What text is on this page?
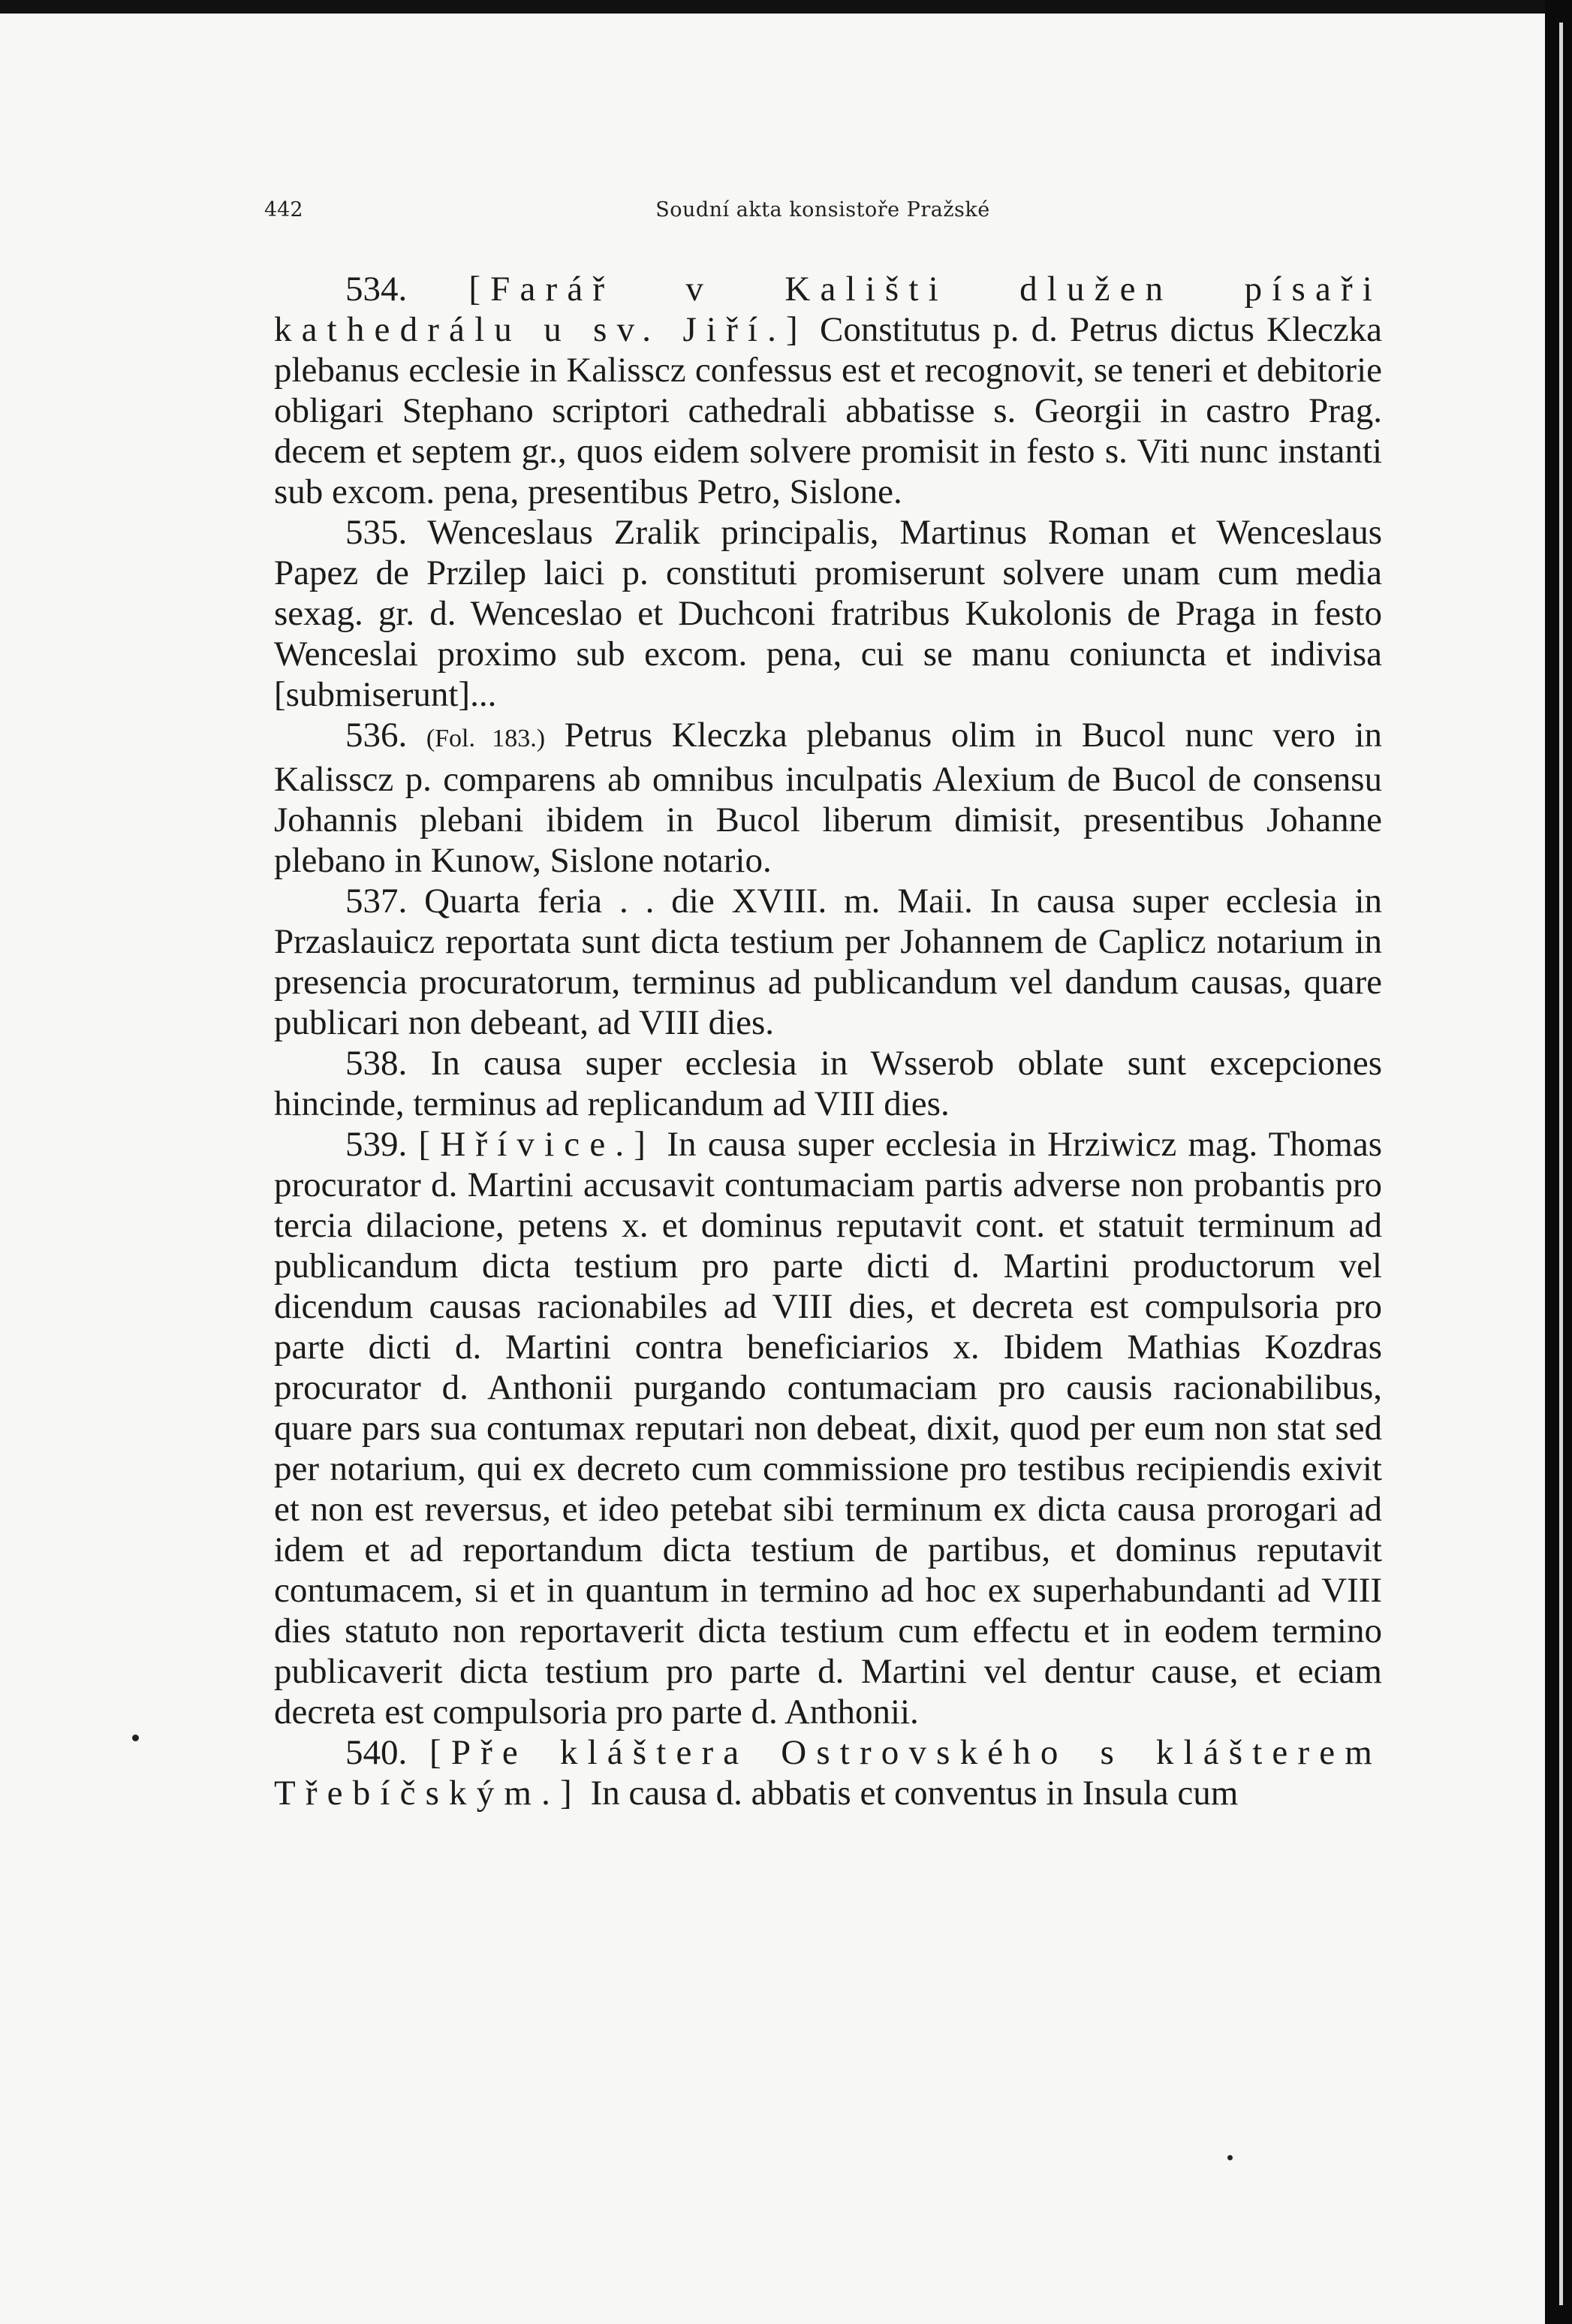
442	Soudní akta konsistoře Pražské

534. [Farář v Kališti dlužen písaři kathedrálu u sv. Jiří.] Constitutus p. d. Petrus dictus Kleczka plebanus ecclesie in Kalissсz confessus est et recognovit, se teneri et debitorie obligari Stephano scriptori cathedrali abbatisse s. Georgii in castro Prag. decem et septem gr., quos eidem solvere promisit in festo s. Viti nunc instanti sub excom. pena, presentibus Petro, Sislone.

535. Wenceslaus Zralik principalis, Martinus Roman et Wenceslaus Papez de Przilep laici p. constituti promiserunt solvere unam cum media sexag. gr. d. Wenceslao et Duchconi fratribus Kukolonis de Praga in festo Wenceslai proximo sub excom. pena, cui se manu coniuncta et indivisa [submiserunt]...

536. (Fol. 183.) Petrus Kleczka plebanus olim in Bucol nunc vero in Kalisscz p. comparens ab omnibus inculpatis Alexium de Bucol de consensu Johannis plebani ibidem in Bucol liberum dimisit, presentibus Johanne plebano in Kunow, Sislone notario.

537. Quarta feria . . die XVIII. m. Maii. In causa super ecclesia in Przaslauicz reportata sunt dicta testium per Johannem de Caplicz notarium in presencia procuratorum, terminus ad publicandum vel dandum causas, quare publicari non debeant, ad VIII dies.

538. In causa super ecclesia in Wsserob oblate sunt excepciones hincinde, terminus ad replicandum ad VIII dies.

539. [Hřívice.] In causa super ecclesia in Hrziwicz mag. Thomas procurator d. Martini accusavit contumaciam partis adverse non probantis pro tercia dilacione, petens x. et dominus reputavit cont. et statuit terminum ad publicandum dicta testium pro parte dicti d. Martini productorum vel dicendum causas racionabiles ad VIII dies, et decreta est compulsoria pro parte dicti d. Martini contra beneficiarios x. Ibidem Mathias Kozdras procurator d. Anthonii purgando contumaciam pro causis racionabilibus, quare pars sua contumax reputari non debeat, dixit, quod per eum non stat sed per notarium, qui ex decreto cum commissione pro testibus recipiendis exivit et non est reversus, et ideo petebat sibi terminum ex dicta causa prorogari ad idem et ad reportandum dicta testium de partibus, et dominus reputavit contumacem, si et in quantum in termino ad hoc ex superhabundanti ad VIII dies statuto non reportaverit dicta testium cum effectu et in eodem termino publicaverit dicta testium pro parte d. Martini vel dentur cause, et eciam decreta est compulsoria pro parte d. Anthonii.

540. [Pře kláštera Ostrovského s klášterem Třebíčským.] In causa d. abbatis et conventus in Insula cum
